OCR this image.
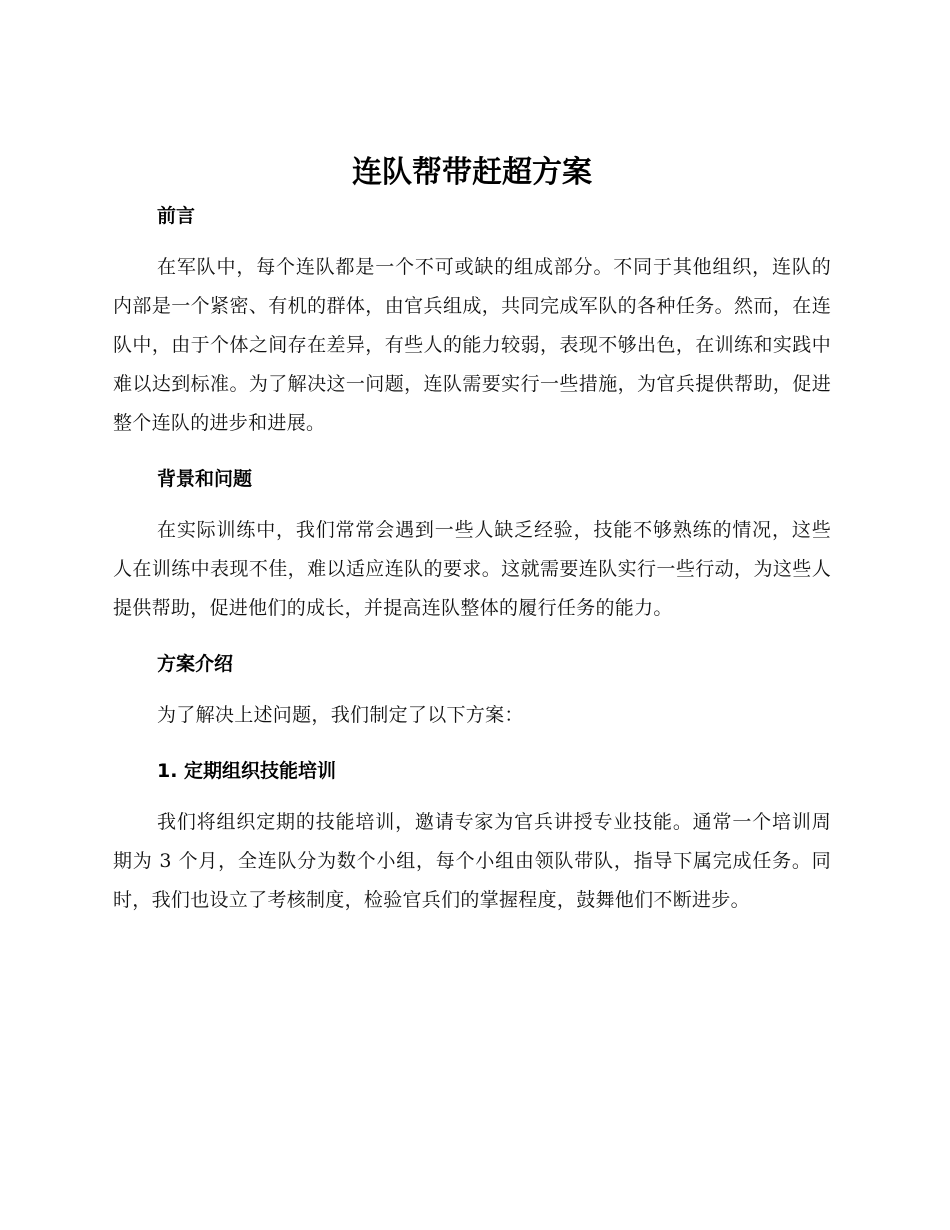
连队帮带赶超方案
前言

在军队中，每个连队都是一个不可或缺的组成部分。不同于其他组织，连队的内部是一个紧密、有机的群体，由官兵组成，共同完成军队的各种任务。然而，在连队中，由于个体之间存在差异，有些人的能力较弱，表现不够出色，在训练和实践中难以达到标准。为了解决这一问题，连队需要实行一些措施，为官兵提供帮助，促进整个连队的进步和进展。

背景和问题

在实际训练中，我们常常会遇到一些人缺乏经验，技能不够熟练的情况，这些人在训练中表现不佳，难以适应连队的要求。这就需要连队实行一些行动，为这些人提供帮助，促进他们的成长，并提高连队整体的履行任务的能力。

方案介绍

为了解决上述问题，我们制定了以下方案：

1. 定期组织技能培训

我们将组织定期的技能培训，邀请专家为官兵讲授专业技能。通常一个培训周期为 3 个月，全连队分为数个小组，每个小组由领队带队，指导下属完成任务。同时，我们也设立了考核制度，检验官兵们的掌握程度，鼓舞他们不断进步。
